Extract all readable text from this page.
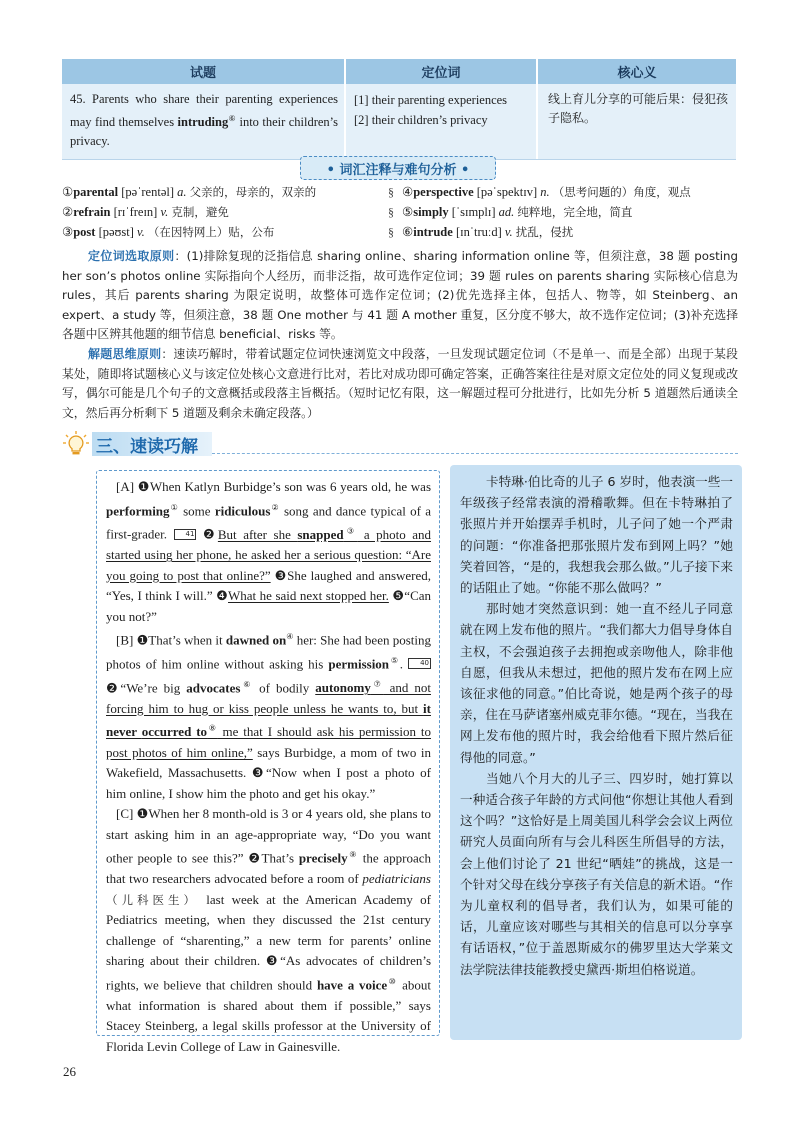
试题	定位词	核心义
45. Parents who share their parenting experiences may find themselves intruding⑥ into their children’s privacy.
[1] their parenting experiences
[2] their children’s privacy
线上育儿分享的可能后果：侵犯孩子隐私。
• 词汇注释与难句分析 •
①parental [pəˈrentəl] a. 父亲的，母亲的，双亲的	§ ④perspective [pəˈspektɪv] n. （思考问题的）角度，观点
②refrain [rɪˈfreɪn] v. 克制，避免	§ ⑤simply [ˈsɪmplɪ] ad. 纯粹地，完全地，简直
③post [pəʊst] v. （在因特网上）贴，公布	§ ⑥intrude [ɪnˈtruːd] v. 扰乱，侵扰

定位词选取原则：(1)排除复现的泛指信息 sharing online、sharing information online 等，但须注意，38 题 posting her son’s photos online 实际指向个人经历，而非泛指，故可选作定位词；39 题 rules on parents sharing 实际核心信息为 rules，其后 parents sharing 为限定说明，故整体可选作定位词；(2)优先选择主体，包括人、物等，如 Steinberg、an expert、a study 等，但须注意，38 题 One mother 与 41 题 A mother 重复，区分度不够大，故不选作定位词；(3)补充选择各题中区辨其他题的细节信息 beneficial、risks 等。

解题思维原则：速读巧解时，带着试题定位词快速浏览文中段落，一旦发现试题定位词（不是单一、而是全部）出现于某段某处，随即将试题核心义与该定位处核心文意进行比对，若比对成功即可确定答案，正确答案往往是对原文定位处的同义复现或改写，偶尔可能是几个句子的文意概括或段落主旨概括。（短时记忆有限，这一解题过程可分批进行，比如先分析 5 道题然后通读全文，然后再分析剩下 5 道题及剩余未确定段落。）

三、速读巧解

[A] ❶When Katlyn Burbidge’s son was 6 years old, he was performing① some ridiculous② song and dance typical of a first-grader.	41 ❷But after she snapped③ a photo and started using her phone, he asked her a serious question: “Are you going to post that online?” ❸She laughed and answered, “Yes, I think I will.” ❹What he said next stopped her. ❺“Can you not?”

[B] ❶That’s when it dawned on④ her: She had been posting photos of him online without asking his permission⑤. 40 ❷“We’re big advocates⑥ of bodily autonomy⑦ and not forcing him to hug or kiss people unless he wants to, but it never occurred to⑧ me that I should ask his permission to post photos of him online,” says Burbidge, a mom of two in Wakefield, Massachusetts. ❸“Now when I post a photo of him online, I show him the photo and get his okay.”

[C] ❶When her 8 month-old is 3 or 4 years old, she plans to start asking him in an age-appropriate way, “Do you want other people to see this?” ❷That’s precisely⑨ the approach that two researchers advocated before a room of pediatricians（儿科医生） last week at the American Academy of Pediatrics meeting, when they discussed the 21st century challenge of “sharenting,” a new term for parents’ online sharing about their children. ❸“As advocates of children’s rights, we believe that children should have a voice⑩ about what information is shared about them if possible,” says Stacey Steinberg, a legal skills professor at the University of Florida Levin College of Law in Gainesville.

卡特琳·伯比奇的儿子 6 岁时，他表演一些一年级孩子经常表演的滑稽歌舞。但在卡特琳拍了张照片并开始摆弄手机时，儿子问了她一个严肃的问题：“你准备把那张照片发布到网上吗？”她笑着回答，“是的，我想我会那么做。”儿子接下来的话阻止了她。“你能不那么做吗？”

那时她才突然意识到：她一直不经儿子同意就在网上发布他的照片。“我们都大力倡导身体自主权，不会强迫孩子去拥抱或亲吻他人，除非他自愿，但我从未想过，把他的照片发布在网上应该征求他的同意。”伯比奇说，她是两个孩子的母亲，住在马萨诸塞州威克菲尔德。“现在，当我在网上发布他的照片时，我会给他看下照片然后征得他的同意。”

当她八个月大的儿子三、四岁时，她打算以一种适合孩子年龄的方式问他“你想让其他人看到这个吗？”这恰好是上周美国儿科学会会议上两位研究人员面向所有与会儿科医生所倡导的方法，会上他们讨论了 21 世纪“晒娃”的挑战，这是一个针对父母在线分享孩子有关信息的新术语。“作为儿童权利的倡导者，我们认为，如果可能的话，儿童应该对哪些与其相关的信息可以分享享有话语权，”位于盖恩斯威尔的佛罗里达大学莱文法学院法律技能教授史黛西·斯坦伯格说道。

26
